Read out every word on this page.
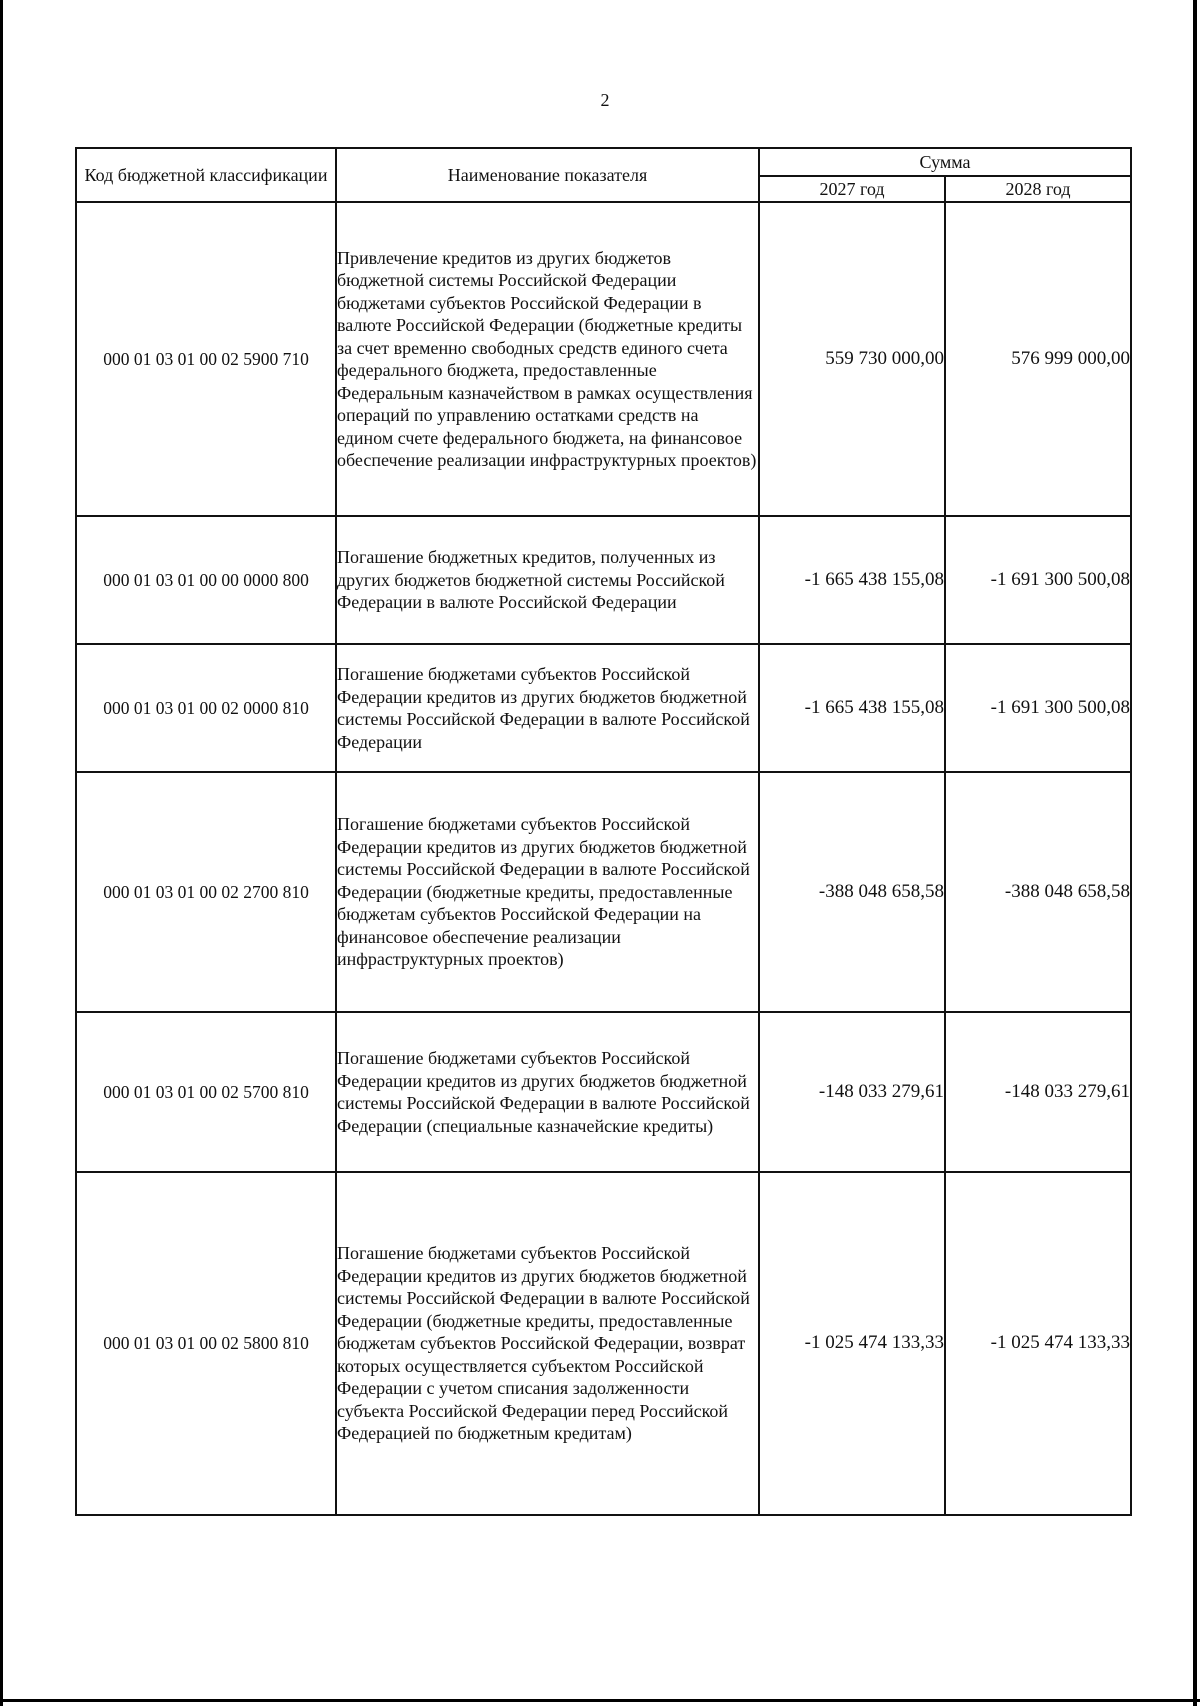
2
Код бюджетной классификации	Наименование показателя	Сумма	
		2027 год	2028 год
000 01 03 01 00 02 5900 710	Привлечение кредитов из других бюджетов бюджетной системы Российской Федерации бюджетами субъектов Российской Федерации в валюте Российской Федерации (бюджетные кредиты за счет временно свободных средств единого счета федерального бюджета, предоставленные Федеральным казначейством в рамках осуществления операций по управлению остатками средств на едином счете федерального бюджета, на финансовое обеспечение реализации инфраструктурных проектов)	559 730 000,00	576 999 000,00
000 01 03 01 00 00 0000 800	Погашение бюджетных кредитов, полученных из других бюджетов бюджетной системы Российской Федерации в валюте Российской Федерации	-1 665 438 155,08	-1 691 300 500,08
000 01 03 01 00 02 0000 810	Погашение бюджетами субъектов Российской Федерации кредитов из других бюджетов бюджетной системы Российской Федерации в валюте Российской Федерации	-1 665 438 155,08	-1 691 300 500,08
000 01 03 01 00 02 2700 810	Погашение бюджетами субъектов Российской Федерации кредитов из других бюджетов бюджетной системы Российской Федерации в валюте Российской Федерации (бюджетные кредиты, предоставленные бюджетам субъектов Российской Федерации на финансовое обеспечение реализации инфраструктурных проектов)	-388 048 658,58	-388 048 658,58
000 01 03 01 00 02 5700 810	Погашение бюджетами субъектов Российской Федерации кредитов из других бюджетов бюджетной системы Российской Федерации в валюте Российской Федерации (специальные казначейские кредиты)	-148 033 279,61	-148 033 279,61
000 01 03 01 00 02 5800 810	Погашение бюджетами субъектов Российской Федерации кредитов из других бюджетов бюджетной системы Российской Федерации в валюте Российской Федерации (бюджетные кредиты, предоставленные бюджетам субъектов Российской Федерации, возврат которых осуществляется субъектом Российской Федерации с учетом списания задолженности субъекта Российской Федерации перед Российской Федерацией по бюджетным кредитам)	-1 025 474 133,33	-1 025 474 133,33
